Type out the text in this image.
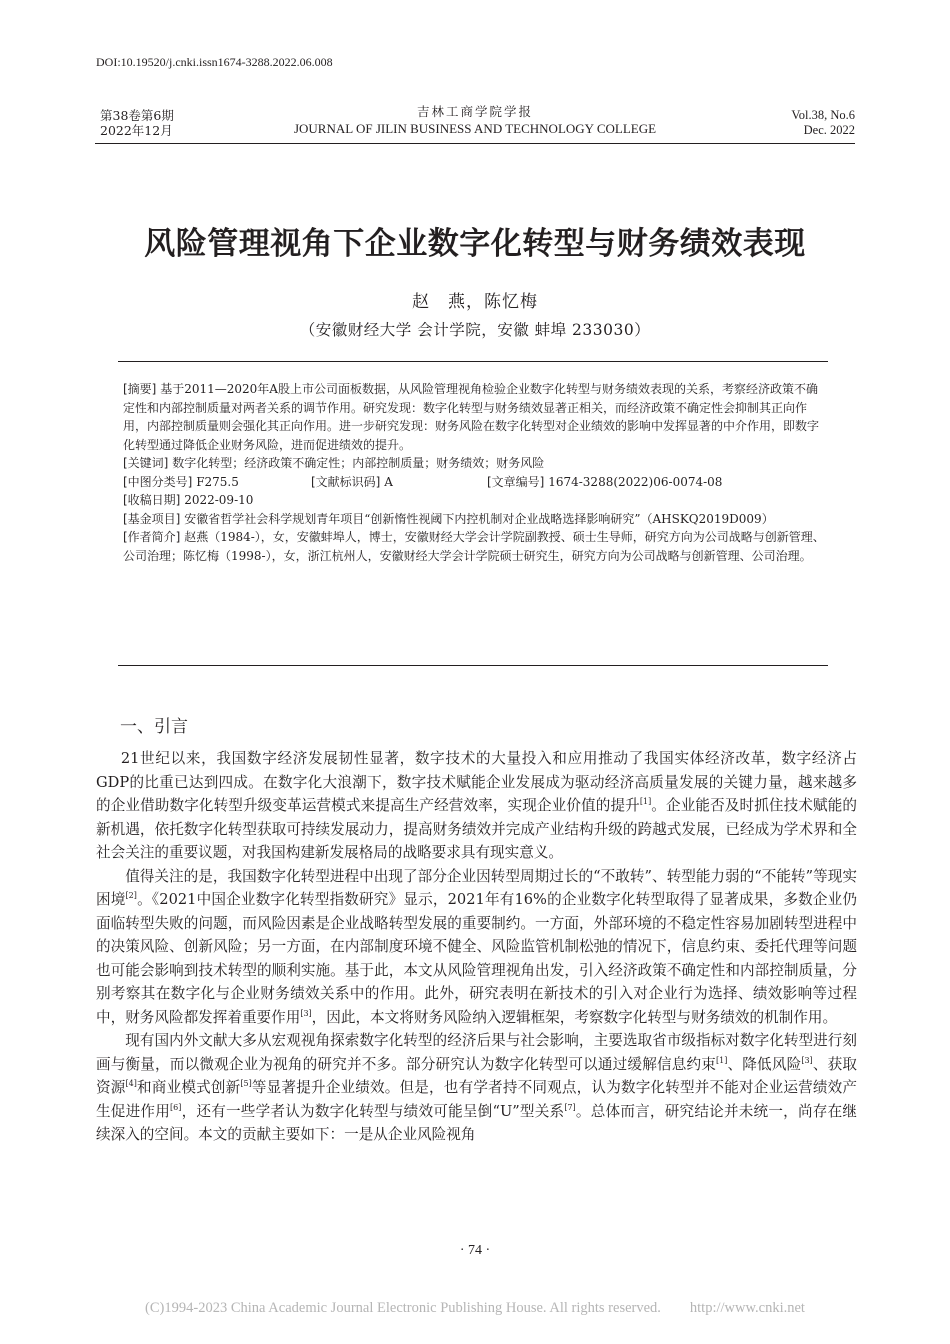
DOI:10.19520/j.cnki.issn1674-3288.2022.06.008
第38卷第6期
2022年12月
吉林工商学院学报
JOURNAL OF JILIN BUSINESS AND TECHNOLOGY COLLEGE
Vol.38, No.6
Dec. 2022
风险管理视角下企业数字化转型与财务绩效表现
赵　燕，陈忆梅
（安徽财经大学 会计学院，安徽 蚌埠 233030）

[摘要] 基于2011—2020年A股上市公司面板数据，从风险管理视角检验企业数字化转型与财务绩效表现的关系，考察经济政策不确定性和内部控制质量对两者关系的调节作用。研究发现：数字化转型与财务绩效显著正相关，而经济政策不确定性会抑制其正向作用，内部控制质量则会强化其正向作用。进一步研究发现：财务风险在数字化转型对企业绩效的影响中发挥显著的中介作用，即数字化转型通过降低企业财务风险，进而促进绩效的提升。

[关键词] 数字化转型；经济政策不确定性；内部控制质量；财务绩效；财务风险

[中图分类号] F275.5	[文献标识码] A	[文章编号] 1674-3288(2022)06-0074-08

[收稿日期] 2022-09-10

[基金项目] 安徽省哲学社会科学规划青年项目“创新惰性视阈下内控机制对企业战略选择影响研究”（AHSKQ2019D009）

[作者简介] 赵燕（1984-），女，安徽蚌埠人，博士，安徽财经大学会计学院副教授、硕士生导师，研究方向为公司战略与创新管理、公司治理；陈忆梅（1998-），女，浙江杭州人，安徽财经大学会计学院硕士研究生，研究方向为公司战略与创新管理、公司治理。

一、引言

21世纪以来，我国数字经济发展韧性显著，数字技术的大量投入和应用推动了我国实体经济改革，数字经济占GDP的比重已达到四成。在数字化大浪潮下，数字技术赋能企业发展成为驱动经济高质量发展的关键力量，越来越多的企业借助数字化转型升级变革运营模式来提高生产经营效率，实现企业价值的提升[1]。企业能否及时抓住技术赋能的新机遇，依托数字化转型获取可持续发展动力，提高财务绩效并完成产业结构升级的跨越式发展，已经成为学术界和全社会关注的重要议题，对我国构建新发展格局的战略要求具有现实意义。

值得关注的是，我国数字化转型进程中出现了部分企业因转型周期过长的“不敢转”、转型能力弱的“不能转”等现实困境[2]。《2021中国企业数字化转型指数研究》显示，2021年有16%的企业数字化转型取得了显著成果，多数企业仍面临转型失败的问题，而风险因素是企业战略转型发展的重要制约。一方面，外部环境的不稳定性容易加剧转型进程中的决策风险、创新风险；另一方面，在内部制度环境不健全、风险监管机制松弛的情况下，信息约束、委托代理等问题也可能会影响到技术转型的顺利实施。基于此，本文从风险管理视角出发，引入经济政策不确定性和内部控制质量，分别考察其在数字化与企业财务绩效关系中的作用。此外，研究表明在新技术的引入对企业行为选择、绩效影响等过程中，财务风险都发挥着重要作用[3]，因此，本文将财务风险纳入逻辑框架，考察数字化转型与财务绩效的机制作用。

现有国内外文献大多从宏观视角探索数字化转型的经济后果与社会影响，主要选取省市级指标对数字化转型进行刻画与衡量，而以微观企业为视角的研究并不多。部分研究认为数字化转型可以通过缓解信息约束[1]、降低风险[3]、获取资源[4]和商业模式创新[5]等显著提升企业绩效。但是，也有学者持不同观点，认为数字化转型并不能对企业运营绩效产生促进作用[6]，还有一些学者认为数字化转型与绩效可能呈倒“U”型关系[7]。总体而言，研究结论并未统一，尚存在继续深入的空间。本文的贡献主要如下：一是从企业风险视角

· 74 ·
(C)1994-2023 China Academic Journal Electronic Publishing House. All rights reserved.　　http://www.cnki.net
